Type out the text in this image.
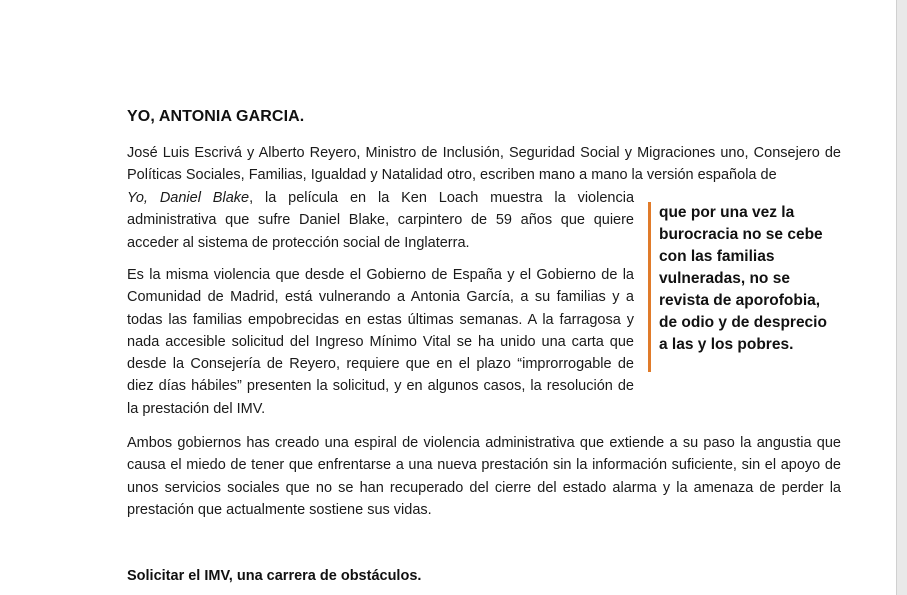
YO, ANTONIA GARCIA.

José Luis Escrivá y Alberto Reyero, Ministro de Inclusión, Seguridad Social y Migraciones uno, Consejero de Políticas Sociales, Familias, Igualdad y Natalidad otro, escriben mano a mano la versión española de

Yo, Daniel Blake, la película en la Ken Loach muestra la violencia administrativa que sufre Daniel Blake, carpintero de 59 años que quiere acceder al sistema de protección social de Inglaterra.

Es la misma violencia que desde el Gobierno de España y el Gobierno de la Comunidad de Madrid, está vulnerando a Antonia García, a su familias y a todas las familias empobrecidas en estas últimas semanas. A la farragosa y nada accesible solicitud del Ingreso Mínimo Vital se ha unido una carta que desde la Consejería de Reyero, requiere que en el plazo “improrrogable de diez días hábiles” presenten la solicitud, y en algunos casos, la resolución de la prestación del IMV.

que por una vez la burocracia no se cebe con las familias vulneradas, no se revista de aporofobia, de odio y de desprecio a las y los pobres.

Ambos gobiernos has creado una espiral de violencia administrativa que extiende a su paso la angustia que causa el miedo de tener que enfrentarse a una nueva prestación sin la información suficiente, sin el apoyo de unos servicios sociales que no se han recuperado del cierre del estado alarma y la amenaza de perder la prestación que actualmente sostiene sus vidas.

Solicitar el IMV, una carrera de obstáculos.
